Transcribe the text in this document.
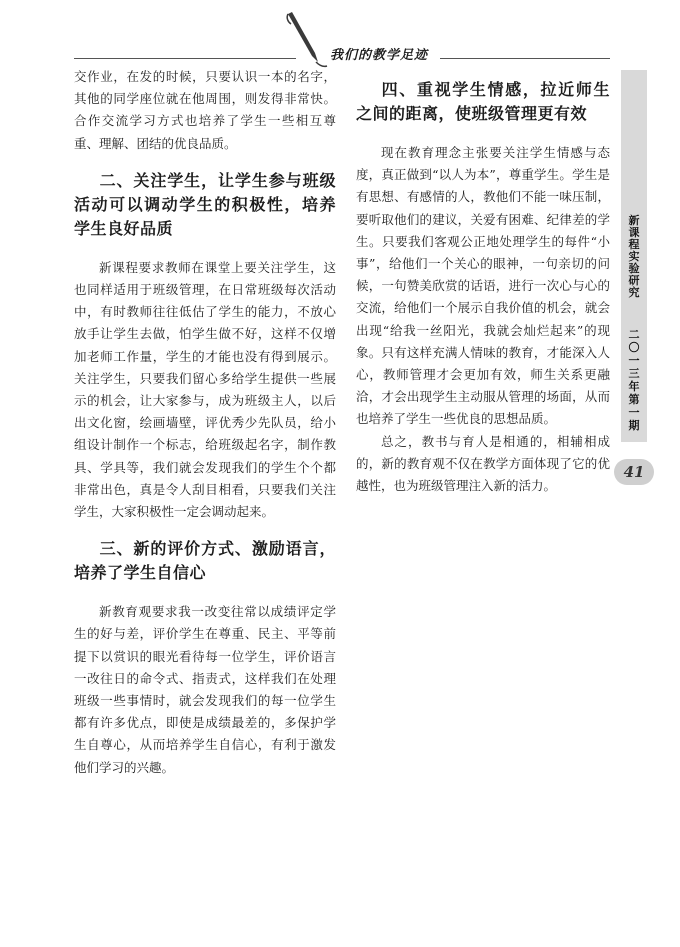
我们的教学足迹

交作业，在发的时候，只要认识一本的名字，其他的同学座位就在他周围，则发得非常快。合作交流学习方式也培养了学生一些相互尊重、理解、团结的优良品质。

二、关注学生，让学生参与班级活动可以调动学生的积极性，培养学生良好品质

新课程要求教师在课堂上要关注学生，这也同样适用于班级管理，在日常班级每次活动中，有时教师往往低估了学生的能力，不放心放手让学生去做，怕学生做不好，这样不仅增加老师工作量，学生的才能也没有得到展示。关注学生，只要我们留心多给学生提供一些展示的机会，让大家参与，成为班级主人，以后出文化窗，绘画墙壁，评优秀少先队员，给小组设计制作一个标志，给班级起名字，制作教具、学具等，我们就会发现我们的学生个个都非常出色，真是令人刮目相看，只要我们关注学生，大家积极性一定会调动起来。

三、新的评价方式、激励语言，培养了学生自信心

新教育观要求我一改变往常以成绩评定学生的好与差，评价学生在尊重、民主、平等前提下以赏识的眼光看待每一位学生，评价语言一改往日的命令式、指责式，这样我们在处理班级一些事情时，就会发现我们的每一位学生都有许多优点，即使是成绩最差的，多保护学生自尊心，从而培养学生自信心，有利于激发他们学习的兴趣。

四、重视学生情感，拉近师生之间的距离，使班级管理更有效

现在教育理念主张要关注学生情感与态度，真正做到“以人为本”，尊重学生。学生是有思想、有感情的人，教他们不能一味压制，要听取他们的建议，关爱有困难、纪律差的学生。只要我们客观公正地处理学生的每件“小事”，给他们一个关心的眼神，一句亲切的问候，一句赞美欣赏的话语，进行一次心与心的交流，给他们一个展示自我价值的机会，就会出现“给我一丝阳光，我就会灿烂起来”的现象。只有这样充满人情味的教育，才能深入人心，教师管理才会更加有效，师生关系更融洽，才会出现学生主动服从管理的场面，从而也培养了学生一些优良的思想品质。

总之，教书与育人是相通的，相辅相成的，新的教育观不仅在教学方面体现了它的优越性，也为班级管理注入新的活力。

新课程实验研究
二〇一三年第一期
41
